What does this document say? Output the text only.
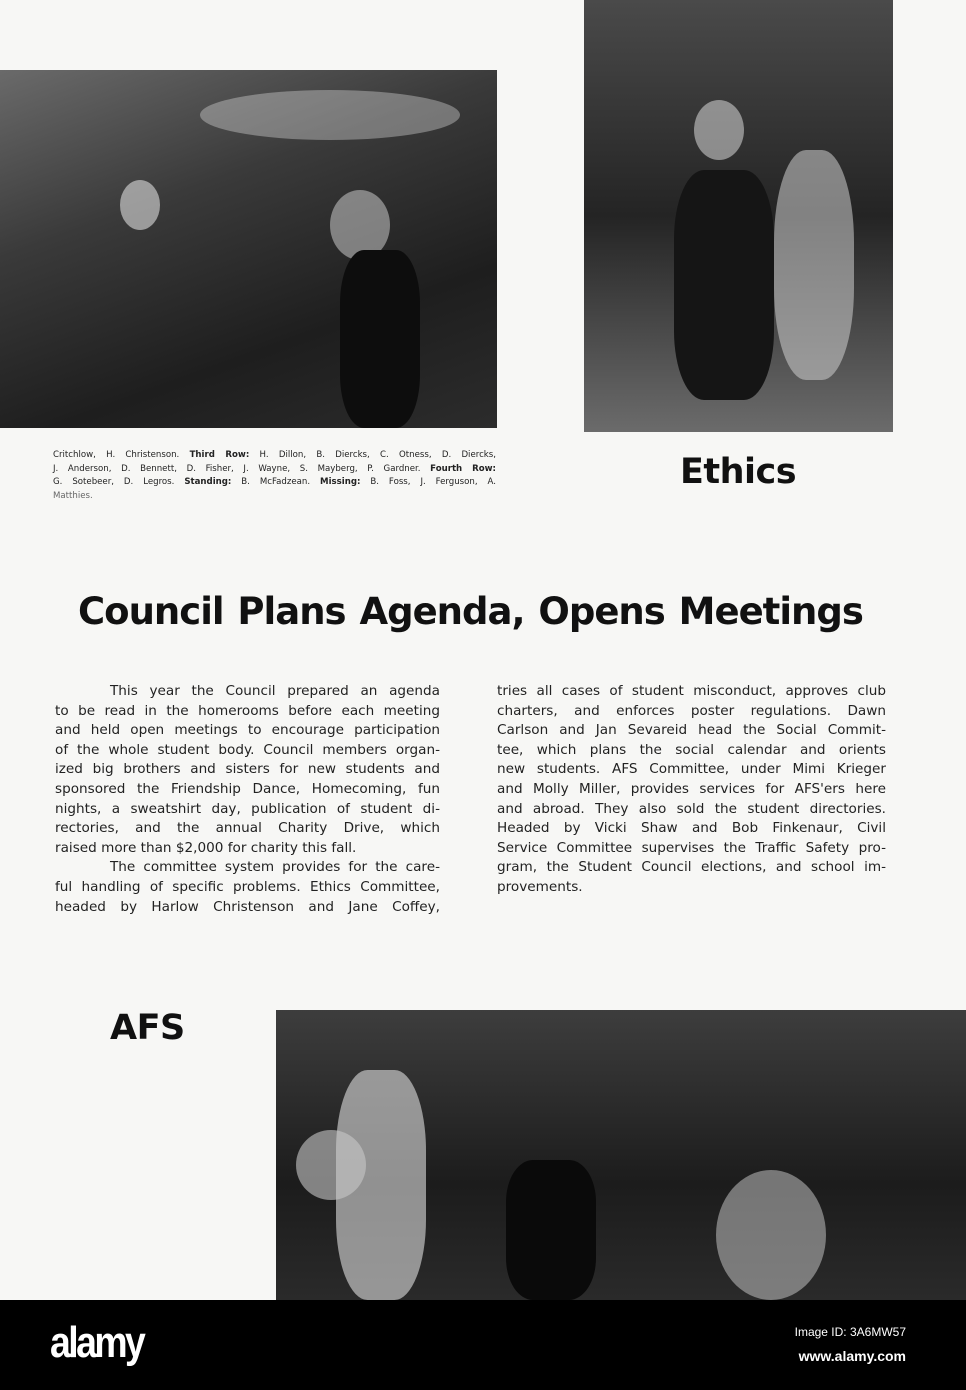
Critchlow, H. Christenson. Third Row: H. Dillon, B. Diercks, C. Otness, D. Diercks,
J. Anderson, D. Bennett, D. Fisher, J. Wayne, S. Mayberg, P. Gardner. Fourth Row:
G. Sotebeer, D. Legros. Standing: B. McFadzean. Missing: B. Foss, J. Ferguson, A.
Matthies.
Ethics
Council Plans Agenda, Opens Meetings
AFS
This year the Council prepared an agenda
to be read in the homerooms before each meeting
and held open meetings to encourage participation
of the whole student body. Council members organ-
ized big brothers and sisters for new students and
sponsored the Friendship Dance, Homecoming, fun
nights, a sweatshirt day, publication of student di-
rectories, and the annual Charity Drive, which
raised more than $2,000 for charity this fall.
The committee system provides for the care-
ful handling of specific problems. Ethics Committee,
headed by Harlow Christenson and Jane Coffey,
tries all cases of student misconduct, approves club
charters, and enforces poster regulations. Dawn
Carlson and Jan Sevareid head the Social Commit-
tee, which plans the social calendar and orients
new students. AFS Committee, under Mimi Krieger
and Molly Miller, provides services for AFS'ers here
and abroad. They also sold the student directories.
Headed by Vicki Shaw and Bob Finkenaur, Civil
Service Committee supervises the Traffic Safety pro-
gram, the Student Council elections, and school im-
provements.
alamy	Image ID: 3A6MW57
www.alamy.com
